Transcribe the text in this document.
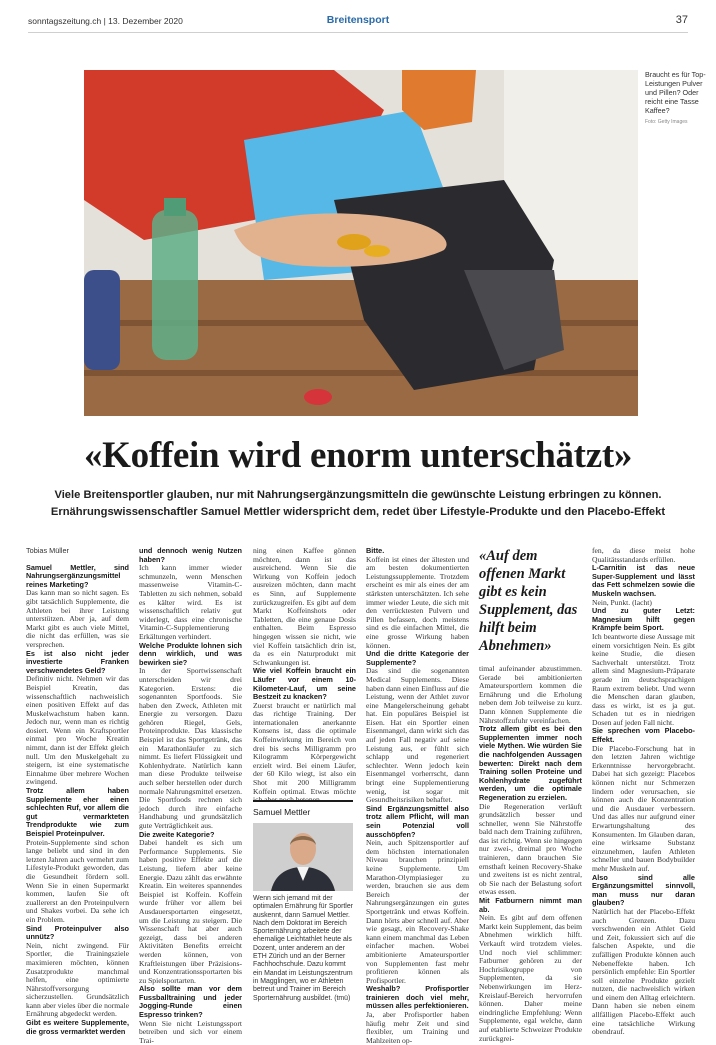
sonntagszeitung.ch | 13. Dezember 2020	Breitensport	37
Braucht es für Top-Leistungen Pulver und Pillen? Oder reicht eine Tasse Kaffee?
Foto: Getty Images
«Koffein wird enorm unterschätzt»
Viele Breitensportler glauben, nur mit Nahrungsergänzungsmitteln die gewünschte Leistung erbringen zu können. Ernährungswissenschaftler Samuel Mettler widerspricht dem, redet über Lifestyle-Produkte und den Placebo-Effekt
Tobias Müller

Samuel Mettler, sind Nahrungsergänzungsmittel reines Marketing?
Das kann man so nicht sagen. Es gibt tatsächlich Supplemente, die Athleten bei ihrer Leistung unterstützen. Aber ja, auf dem Markt gibt es auch viele Mittel, die nicht das erfüllen, was sie versprechen.

Es ist also nicht jeder investierte Franken verschwendetes Geld?
Definitiv nicht. Nehmen wir das Beispiel Kreatin, das wissenschaftlich nachweislich einen positiven Effekt auf das Muskelwachstum haben kann. Jedoch nur, wenn man es richtig dosiert. Wenn ein Kraftsportler einmal pro Woche Kreatin nimmt, dann ist der Effekt gleich null. Um den Muskelgehalt zu steigern, ist eine systematische Einnahme über mehrere Wochen zwingend.

Trotz allem haben Supplemente eher einen schlechten Ruf, vor allem die gut vermarkteten Trendprodukte wie zum Beispiel Proteinpulver.
Protein-Supplemente sind schon lange beliebt und sind in den letzten Jahren auch vermehrt zum Lifestyle-Produkt geworden, das die Gesundheit fördern soll. Wenn Sie in einen Supermarkt kommen, laufen Sie oft zuallererst an den Proteinpulvern und Shakes vorbei. Da sehe ich ein Problem.

Sind Proteinpulver also unnütz?
Nein, nicht zwingend. Für Sportler, die Trainingsziele maximieren möchten, können Zusatzprodukte manchmal helfen, eine optimierte Nährstoffversorgung sicherzustellen. Grundsätzlich kann aber vieles über die normale Ernährung abgedeckt werden.

Gibt es weitere Supplemente, die gross vermarktet werden

und dennoch wenig Nutzen haben?
Ich kann immer wieder schmunzeln, wenn Menschen massenweise Vitamin-C-Tabletten zu sich nehmen, sobald es kälter wird. Es ist wissenschaftlich relativ gut widerlegt, dass eine chronische Vitamin-C-Supplementierung Erkältungen verhindert.

Welche Produkte lohnen sich denn wirklich, und was bewirken sie?
In der Sportwissenschaft unterscheiden wir drei Kategorien. Erstens: die sogenannten Sportfoods. Sie haben den Zweck, Athleten mit Energie zu versorgen. Dazu gehören Riegel, Gels, Proteinprodukte. Das klassische Beispiel ist das Sportgetränk, das ein Marathonläufer zu sich nimmt. Es liefert Flüssigkeit und Kohlenhydrate. Natürlich kann man diese Produkte teilweise auch selber herstellen oder durch normale Nahrungsmittel ersetzen. Die Sportfoods rechnen sich jedoch durch ihre einfache Handhabung und grundsätzlich gute Verträglichkeit aus.

Die zweite Kategorie?
Dabei handelt es sich um Performance Supplements. Sie haben positive Effekte auf die Leistung, liefern aber keine Energie. Dazu zählt das erwähnte Kreatin. Ein weiteres spannendes Beispiel ist Koffein. Koffein wurde früher vor allem bei Ausdauersportarten eingesetzt, um die Leistung zu steigern. Die Wissenschaft hat aber auch gezeigt, dass bei anderen Aktivitäten Benefits erreicht werden können, von Kraftleistungen über Präzisions- und Konzentrationssportarten bis zu Spielsportarten.

Also sollte man vor dem Fussballtraining und jeder Jogging-Runde einen Espresso trinken?
Wenn Sie nicht Leistungssport betreiben und sich vor einem Trai-

ning einen Kaffee gönnen möchten, dann ist das ausreichend. Wenn Sie die Wirkung von Koffein jedoch ausreizen möchten, dann macht es Sinn, auf Supplemente zurückzugreifen. Es gibt auf dem Markt Koffeinshots oder Tabletten, die eine genaue Dosis enthalten. Beim Espresso hingegen wissen sie nicht, wie viel Koffein tatsächlich drin ist, da es ein Naturprodukt mit Schwankungen ist.

Wie viel Koffein braucht ein Läufer vor einem 10-Kilometer-Lauf, um seine Bestzeit zu knacken?
Zuerst braucht er natürlich mal das richtige Training. Der internationalen anerkannte Konsens ist, dass die optimale Koffeinwirkung im Bereich von drei bis sechs Milligramm pro Kilogramm Körpergewicht erzielt wird. Bei einem Läufer, der 60 Kilo wiegt, ist also ein Shot mit 200 Milligramm Koffein optimal. Etwas möchte ich aber noch betonen.

Bitte.
Koffein ist eines der ältesten und am besten dokumentierten Leistungssupplemente. Trotzdem erscheint es mir als eines der am stärksten unterschätzten. Ich sehe immer wieder Leute, die sich mit den verrücktesten Pulvern und Pillen befassen, doch meistens sind es die einfachen Mittel, die eine grosse Wirkung haben können.

Und die dritte Kategorie der Supplemente?
Das sind die sogenannten Medical Supplements. Diese haben dann einen Einfluss auf die Leistung, wenn der Athlet zuvor eine Mangelerscheinung gehabt hat. Ein populäres Beispiel ist Eisen. Hat ein Sportler einen Eisenmangel, dann wirkt sich das auf jeden Fall negativ auf seine Leistung aus, er fühlt sich schlapp und regeneriert schlechter. Wenn jedoch kein Eisenmangel vorherrscht, dann bringt eine Supplementierung wenig, ist sogar mit Gesundheitsrisiken behaftet.

Sind Ergänzungsmittel also trotz allem Pflicht, will man sein Potenzial voll ausschöpfen?
Nein, auch Spitzensportler auf dem höchsten internationalen Niveau brauchen prinzipiell keine Supplemente. Um Marathon-Olympiasieger zu werden, brauchen sie aus dem Bereich der Nahrungsergänzungen ein gutes Sportgetränk und etwas Koffein. Dann hörts aber schnell auf. Aber wie gesagt, ein Recovery-Shake kann einem manchmal das Leben einfacher machen. Wobei ambitionierte Amateursportler von Supplementen fast mehr profitieren können als Profisportler.

Weshalb? Profisportler trainieren doch viel mehr, müssen alles perfektionieren.
Ja, aber Profisportler haben häufig mehr Zeit und sind flexibler, um Training und Mahlzeiten op-

«Auf dem offenen Markt gibt es kein Supplement, das hilft beim Abnehmen»

timal aufeinander abzustimmen. Gerade bei ambitionierten Amateursportlern kommen die Ernährung und die Erholung neben dem Job teilweise zu kurz. Dann können Supplemente die Nährstoffzufuhr vereinfachen.

Trotz allem gibt es bei den Supplementen immer noch viele Mythen. Wie würden Sie die nachfolgenden Aussagen bewerten: Direkt nach dem Training sollen Proteine und Kohlenhydrate zugeführt werden, um die optimale Regeneration zu erzielen.
Die Regeneration verläuft grundsätzlich besser und schneller, wenn Sie Nährstoffe bald nach dem Training zuführen, das ist richtig. Wenn sie hingegen nur zwei-, dreimal pro Woche trainieren, dann brauchen Sie ernsthaft keinen Recovery-Shake und zweitens ist es nicht zentral, ob Sie nach der Belastung sofort etwas essen.

Mit Fatburnern nimmt man ab.
Nein. Es gibt auf dem offenen Markt kein Supplement, das beim Abnehmen wirklich hilft. Verkauft wird trotzdem vieles. Und noch viel schlimmer: Fatburner gehören zu der Hochrisikogruppe von Supplementen, da sie Nebenwirkungen im Herz-Kreislauf-Bereich hervorrufen können. Daher meine eindringliche Empfehlung: Wenn Supplemente, egal welche, dann auf etablierte Schweizer Produkte zurückgrei-

fen, da diese meist hohe Qualitätsstandards erfüllen.

L-Carnitin ist das neue Super-Supplement und lässt das Fett schmelzen sowie die Muskeln wachsen.
Nein, Punkt. (lacht)

Und zu guter Letzt: Magnesium hilft gegen Krämpfe beim Sport.
Ich beantworte diese Aussage mit einem vorsichtigen Nein. Es gibt keine Studie, die diesen Sachverhalt unterstützt. Trotz allem sind Magnesium-Präparate gerade im deutschsprachigen Raum extrem beliebt. Und wenn die Menschen daran glauben, dass es wirkt, ist es ja gut. Schaden tut es in niedrigen Dosen auf jeden Fall nicht.

Sie sprechen vom Placebo-Effekt.
Die Placebo-Forschung hat in den letzten Jahren wichtige Erkenntnisse hervorgebracht. Dabei hat sich gezeigt: Placebos können nicht nur Schmerzen lindern oder verursachen, sie können auch die Konzentration und die Ausdauer verbessern. Und das alles nur aufgrund einer Erwartungshaltung des Konsumenten. Im Glauben daran, eine wirksame Substanz einzunehmen, laufen Athleten schneller und bauen Bodybuilder mehr Muskeln auf.

Also sind alle Ergänzungsmittel sinnvoll, man muss nur daran glauben?
Natürlich hat der Placebo-Effekt auch Grenzen. Dazu verschwenden ein Athlet Geld und Zeit, fokussiert sich auf die falschen Aspekte, und die zufälligen Produkte können auch Nebeneffekte haben. Ich persönlich empfehle: Ein Sportler soll einzelne Produkte gezielt nutzen, die nachweislich wirken und einem den Alltag erleichtern. Dann haben sie neben einem allfälligen Placebo-Effekt auch eine tatsächliche Wirkung obendrauf.

Samuel Mettler
Wenn sich jemand mit der optimalen Ernährung für Sportler auskennt, dann Samuel Mettler. Nach dem Doktorat im Bereich Sporternährung arbeitete der ehemalige Leichtathlet heute als Dozent, unter anderem an der ETH Zürich und an der Berner Fachhochschule. Dazu kommt ein Mandat im Leistungszentrum in Magglingen, wo er Athleten betreut und Trainer im Bereich Sporternährung ausbildet. (tmü)
